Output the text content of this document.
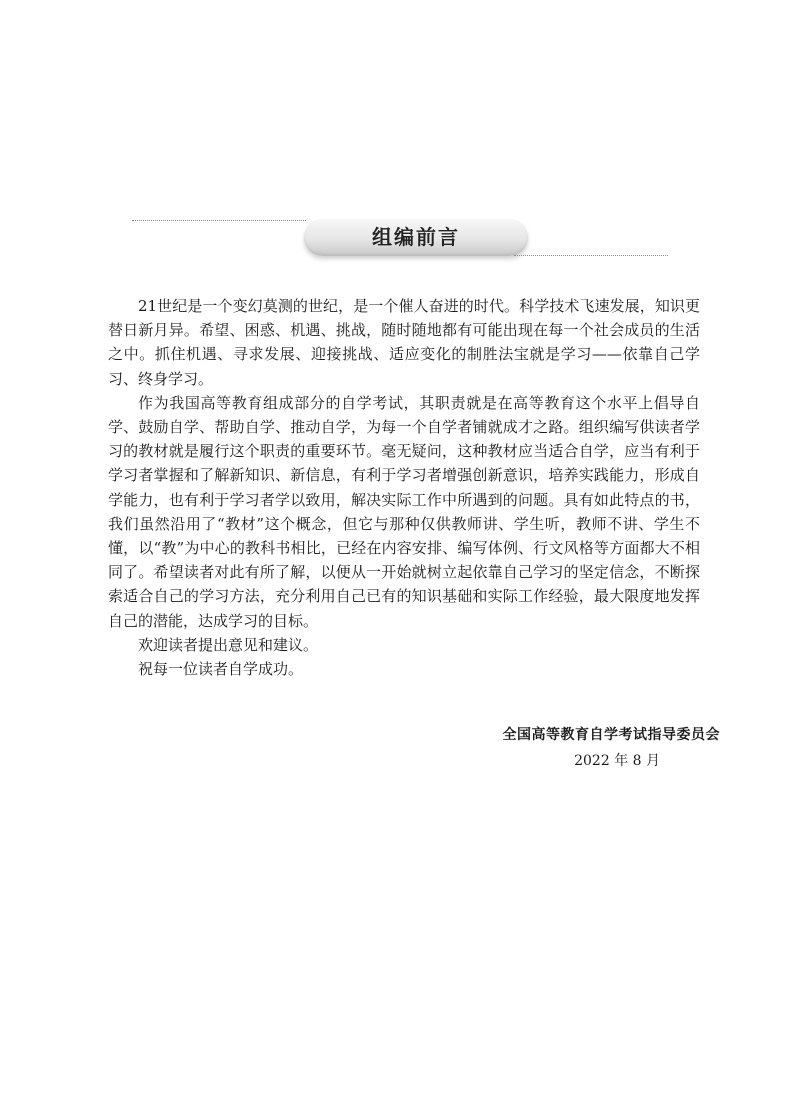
组编前言

21世纪是一个变幻莫测的世纪，是一个催人奋进的时代。科学技术飞速发展，知识更替日新月异。希望、困惑、机遇、挑战，随时随地都有可能出现在每一个社会成员的生活之中。抓住机遇、寻求发展、迎接挑战、适应变化的制胜法宝就是学习——依靠自己学习、终身学习。

作为我国高等教育组成部分的自学考试，其职责就是在高等教育这个水平上倡导自学、鼓励自学、帮助自学、推动自学，为每一个自学者铺就成才之路。组织编写供读者学习的教材就是履行这个职责的重要环节。毫无疑问，这种教材应当适合自学，应当有利于学习者掌握和了解新知识、新信息，有利于学习者增强创新意识，培养实践能力，形成自学能力，也有利于学习者学以致用，解决实际工作中所遇到的问题。具有如此特点的书，我们虽然沿用了“教材”这个概念，但它与那种仅供教师讲、学生听，教师不讲、学生不懂，以“教”为中心的教科书相比，已经在内容安排、编写体例、行文风格等方面都大不相同了。希望读者对此有所了解，以便从一开始就树立起依靠自己学习的坚定信念，不断探索适合自己的学习方法，充分利用自己已有的知识基础和实际工作经验，最大限度地发挥自己的潜能，达成学习的目标。

欢迎读者提出意见和建议。

祝每一位读者自学成功。

全国高等教育自学考试指导委员会
2022 年 8 月
